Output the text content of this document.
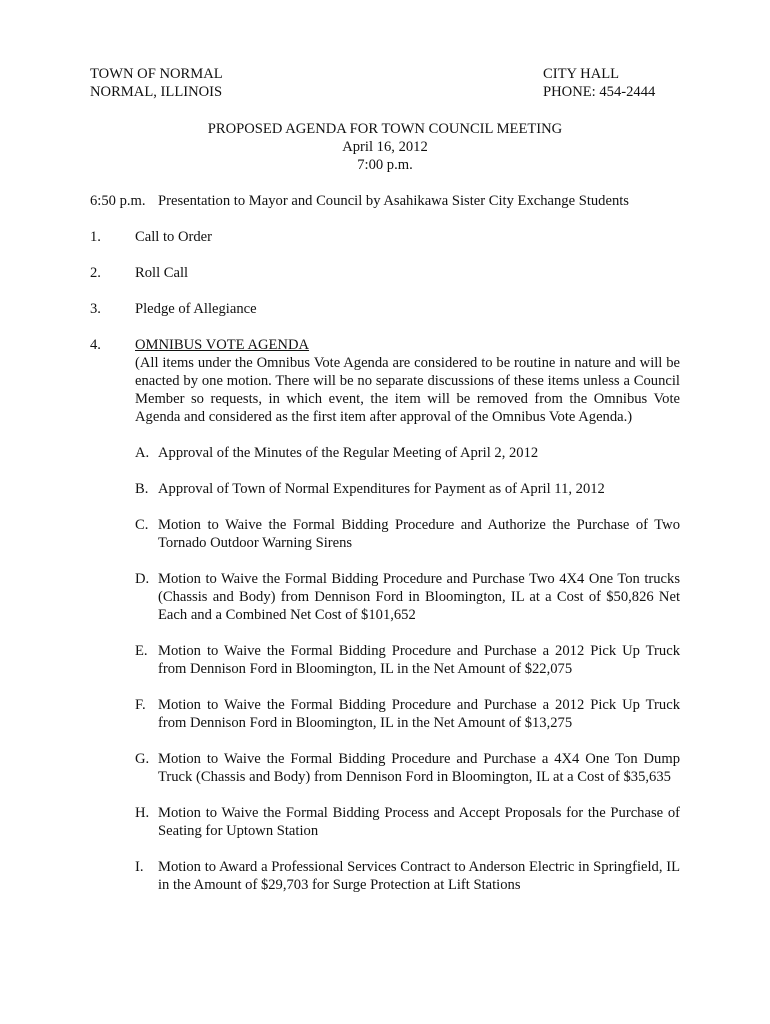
TOWN OF NORMAL
NORMAL, ILLINOIS
CITY HALL
PHONE: 454-2444
PROPOSED AGENDA FOR TOWN COUNCIL MEETING
April 16, 2012
7:00 p.m.
6:50 p.m. Presentation to Mayor and Council by Asahikawa Sister City Exchange Students
1. Call to Order
2. Roll Call
3. Pledge of Allegiance
4. OMNIBUS VOTE AGENDA
(All items under the Omnibus Vote Agenda are considered to be routine in nature and will be enacted by one motion. There will be no separate discussions of these items unless a Council Member so requests, in which event, the item will be removed from the Omnibus Vote Agenda and considered as the first item after approval of the Omnibus Vote Agenda.)
A. Approval of the Minutes of the Regular Meeting of April 2, 2012
B. Approval of Town of Normal Expenditures for Payment as of April 11, 2012
C. Motion to Waive the Formal Bidding Procedure and Authorize the Purchase of Two Tornado Outdoor Warning Sirens
D. Motion to Waive the Formal Bidding Procedure and Purchase Two 4X4 One Ton trucks (Chassis and Body) from Dennison Ford in Bloomington, IL at a Cost of $50,826 Net Each and a Combined Net Cost of $101,652
E. Motion to Waive the Formal Bidding Procedure and Purchase a 2012 Pick Up Truck from Dennison Ford in Bloomington, IL in the Net Amount of $22,075
F. Motion to Waive the Formal Bidding Procedure and Purchase a 2012 Pick Up Truck from Dennison Ford in Bloomington, IL in the Net Amount of $13,275
G. Motion to Waive the Formal Bidding Procedure and Purchase a 4X4 One Ton Dump Truck (Chassis and Body) from Dennison Ford in Bloomington, IL at a Cost of $35,635
H. Motion to Waive the Formal Bidding Process and Accept Proposals for the Purchase of Seating for Uptown Station
I. Motion to Award a Professional Services Contract to Anderson Electric in Springfield, IL in the Amount of $29,703 for Surge Protection at Lift Stations
